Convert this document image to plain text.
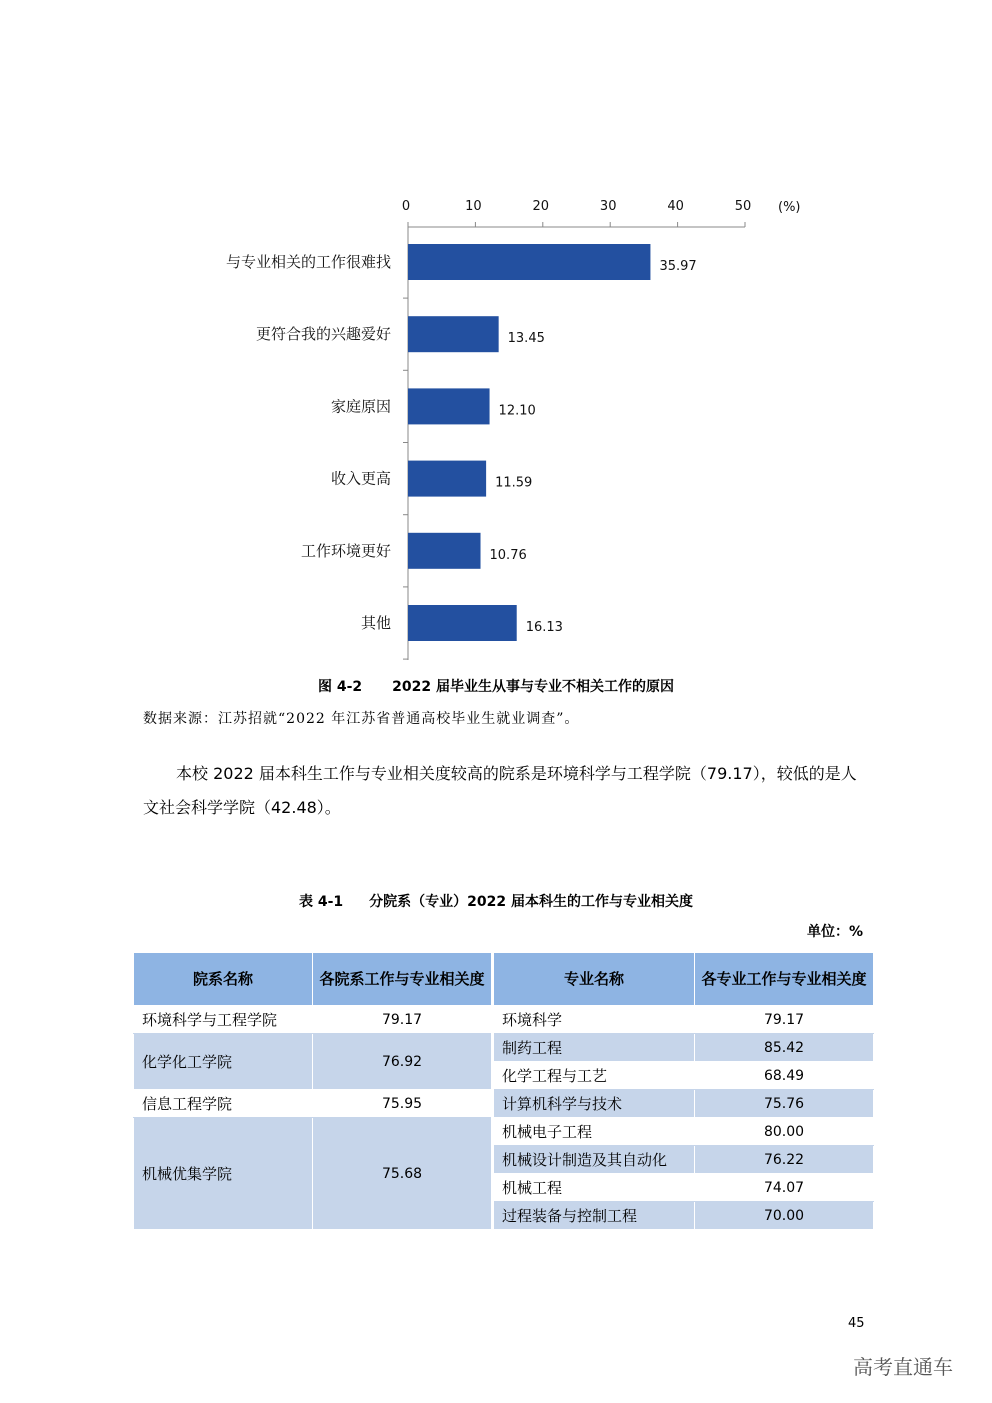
0	10	20	30	40	50 (%)
35.97
与专业相关的工作很难找
13.45
更符合我的兴趣爱好
12.10
家庭原因
11.59
收入更高
10.76
工作环境更好
16.13
其他
图 4-2 2022 届毕业生从事与专业不相关工作的原因
数据来源：江苏招就“2022 年江苏省普通高校毕业生就业调查”。
本校 2022 届本科生工作与专业相关度较高的院系是环境科学与工程学院（79.17），较低的是人文社会科学学院（42.48）。
表 4-1 分院系（专业）2022 届本科生的工作与专业相关度
单位：%
院系名称	各院系工作与专业相关度	专业名称	各专业工作与专业相关度
环境科学与工程学院	79.17	环境科学	79.17
化学化工学院	76.92	制药工程	85.42
		化学工程与工艺	68.49
信息工程学院	75.95	计算机科学与技术	75.76
机械优集学院	75.68	机械电子工程	80.00
		机械设计制造及其自动化	76.22
		机械工程	74.07
		过程装备与控制工程	70.00
45
高考直通车
